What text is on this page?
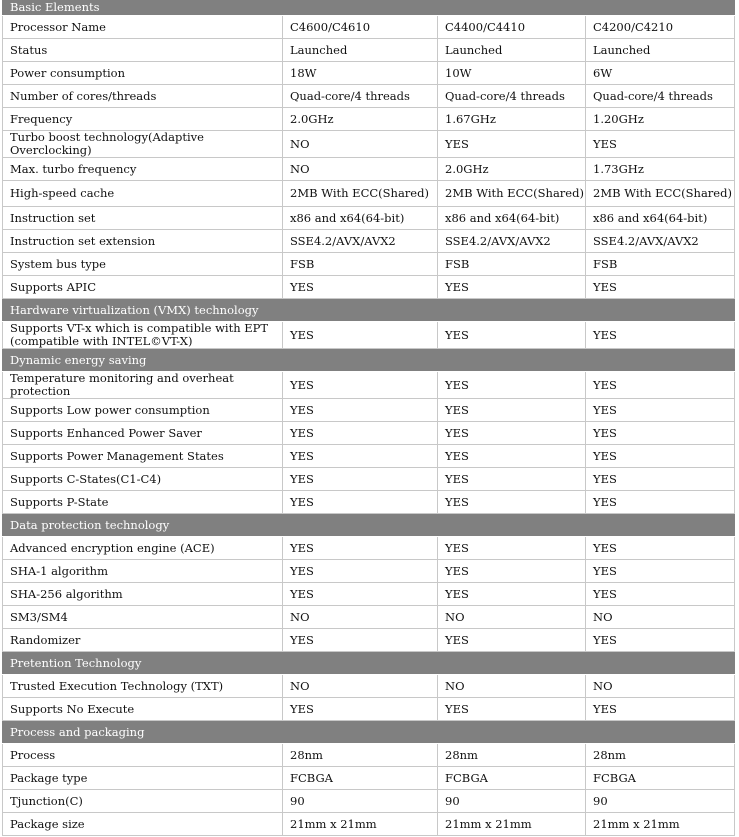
Basic Elements			
Processor Name	C4600/C4610	C4400/C4410	C4200/C4210
Status	Launched	Launched	Launched
Power consumption	18W	10W	6W
Number of cores/threads	Quad-core/4 threads	Quad-core/4 threads	Quad-core/4 threads
Frequency	2.0GHz	1.67GHz	1.20GHz
Turbo boost technology(Adaptive Overclocking)	NO	YES	YES
Max. turbo frequency	NO	2.0GHz	1.73GHz
High-speed cache	2MB With ECC(Shared)	2MB With ECC(Shared)	2MB With ECC(Shared)
Instruction set	x86 and x64(64-bit)	x86 and x64(64-bit)	x86 and x64(64-bit)
Instruction set extension	SSE4.2/AVX/AVX2	SSE4.2/AVX/AVX2	SSE4.2/AVX/AVX2
System bus type	FSB	FSB	FSB
Supports APIC	YES	YES	YES
Hardware virtualization (VMX) technology			
Supports VT-x which is compatible with EPT (compatible with INTEL©VT-X)	YES	YES	YES
Dynamic energy saving			
Temperature monitoring and overheat protection	YES	YES	YES
Supports Low power consumption	YES	YES	YES
Supports Enhanced Power Saver	YES	YES	YES
Supports Power Management States	YES	YES	YES
Supports C-States(C1-C4)	YES	YES	YES
Supports P-State	YES	YES	YES
Data protection technology			
Advanced encryption engine (ACE)	YES	YES	YES
SHA-1 algorithm	YES	YES	YES
SHA-256 algorithm	YES	YES	YES
SM3/SM4	NO	NO	NO
Randomizer	YES	YES	YES
Pretention Technology			
Trusted Execution Technology (TXT)	NO	NO	NO
Supports No Execute	YES	YES	YES
Process and packaging			
Process	28nm	28nm	28nm
Package type	FCBGA	FCBGA	FCBGA
Tjunction(C)	90	90	90
Package size	21mm x 21mm	21mm x 21mm	21mm x 21mm
